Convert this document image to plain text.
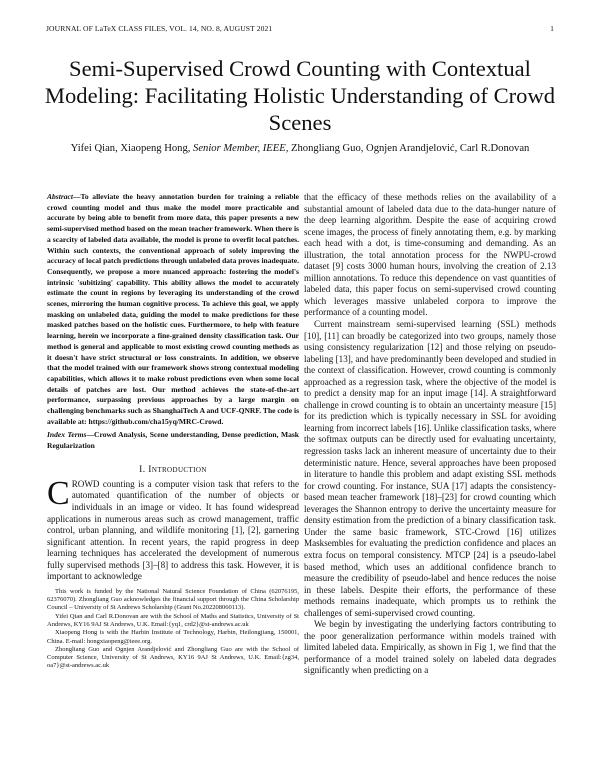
JOURNAL OF LaTeX CLASS FILES, VOL. 14, NO. 8, AUGUST 2021	1
Semi-Supervised Crowd Counting with Contextual Modeling: Facilitating Holistic Understanding of Crowd Scenes
Yifei Qian, Xiaopeng Hong, Senior Member, IEEE, Zhongliang Guo, Ognjen Arandjelović, Carl R.Donovan
Abstract—To alleviate the heavy annotation burden for training a reliable crowd counting model and thus make the model more practicable and accurate by being able to benefit from more data, this paper presents a new semi-supervised method based on the mean teacher framework. When there is a scarcity of labeled data available, the model is prone to overfit local patches. Within such contexts, the conventional approach of solely improving the accuracy of local patch predictions through unlabeled data proves inadequate. Consequently, we propose a more nuanced approach: fostering the model's intrinsic 'subitizing' capability. This ability allows the model to accurately estimate the count in regions by leveraging its understanding of the crowd scenes, mirroring the human cognitive process. To achieve this goal, we apply masking on unlabeled data, guiding the model to make predictions for these masked patches based on the holistic cues. Furthermore, to help with feature learning, herein we incorporate a fine-grained density classification task. Our method is general and applicable to most existing crowd counting methods as it doesn't have strict structural or loss constraints. In addition, we observe that the model trained with our framework shows strong contextual modeling capabilities, which allows it to make robust predictions even when some local details of patches are lost. Our method achieves the state-of-the-art performance, surpassing previous approaches by a large margin on challenging benchmarks such as ShanghaiTech A and UCF-QNRF. The code is available at: https://github.com/cha15yq/MRC-Crowd.
Index Terms—Crowd Analysis, Scene understanding, Dense prediction, Mask Regularization
I. Introduction

CROWD counting is a computer vision task that refers to the automated quantification of the number of objects or individuals in an image or video. It has found widespread applications in numerous areas such as crowd management, traffic control, urban planning, and wildlife monitoring [1], [2], garnering significant attention. In recent years, the rapid progress in deep learning techniques has accelerated the development of numerous fully supervised methods [3]–[8] to address this task. However, it is important to acknowledge

This work is funded by the National Natural Science Foundation of China (62076195, 62376070). Zhongliang Guo acknowledges the financial support through the China Scholarship Council – University of St Andrews Scholarship (Grant No.202208060113).

Yifei Qian and Carl R.Donovan are with the School of Maths and Statistics, University of St Andrews, KY16 9AJ St Andrews, U.K. Email:{yq1, crd2}@st-andrews.ac.uk

Xiaopeng Hong is with the Harbin Institute of Technology, Harbin, Heilongjiang, 150001, China. E-mail: hongxiaopeng@ieee.org.

Zhongliang Guo and Ognjen Arandjelović and Zhongliang Guo are with the School of Computer Science, University of St Andrews, KY16 9AJ St Andrews, U.K. Email:{zg34, oa7}@st-andrews.ac.uk

that the efficacy of these methods relies on the availability of a substantial amount of labeled data due to the data-hunger nature of the deep learning algorithm. Despite the ease of acquiring crowd scene images, the process of finely annotating them, e.g. by marking each head with a dot, is time-consuming and demanding. As an illustration, the total annotation process for the NWPU-crowd dataset [9] costs 3000 human hours, involving the creation of 2.13 million annotations. To reduce this dependence on vast quantities of labeled data, this paper focus on semi-supervised crowd counting which leverages massive unlabeled corpora to improve the performance of a counting model.

Current mainstream semi-supervised learning (SSL) methods [10], [11] can broadly be categorized into two groups, namely those using consistency regularization [12] and those relying on pseudo-labeling [13], and have predominantly been developed and studied in the context of classification. However, crowd counting is commonly approached as a regression task, where the objective of the model is to predict a density map for an input image [14]. A straightforward challenge in crowd counting is to obtain an uncertainty measure [15] for its prediction which is typically necessary in SSL for avoiding learning from incorrect labels [16]. Unlike classification tasks, where the softmax outputs can be directly used for evaluating uncertainty, regression tasks lack an inherent measure of uncertainty due to their deterministic nature. Hence, several approaches have been proposed in literature to handle this problem and adapt existing SSL methods for crowd counting. For instance, SUA [17] adapts the consistency-based mean teacher framework [18]–[23] for crowd counting which leverages the Shannon entropy to derive the uncertainty measure for density estimation from the prediction of a binary classification task. Under the same basic framework, STC-Crowd [16] utilizes Masksembles for evaluating the prediction confidence and places an extra focus on temporal consistency. MTCP [24] is a pseudo-label based method, which uses an additional confidence branch to measure the credibility of pseudo-label and hence reduces the noise in these labels. Despite their efforts, the performance of these methods remains inadequate, which prompts us to rethink the challenges of semi-supervised crowd counting.

We begin by investigating the underlying factors contributing to the poor generalization performance within models trained with limited labeled data. Empirically, as shown in Fig 1, we find that the performance of a model trained solely on labeled data degrades significantly when predicting on a
